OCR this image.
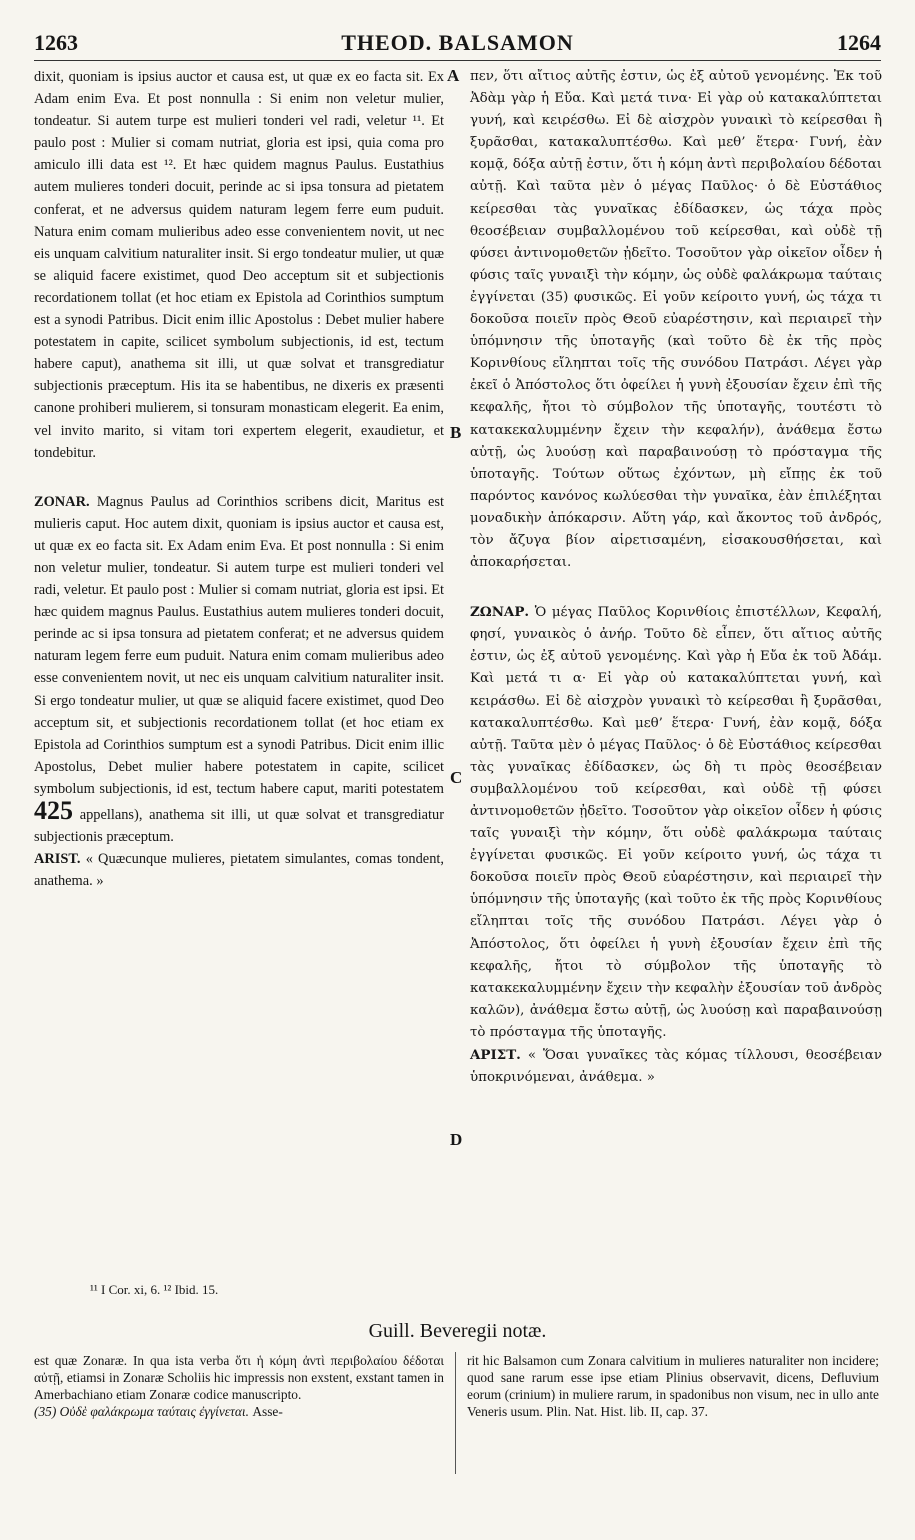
1263	THEOD. BALSAMON	1264

dixit, quoniam is ipsius auctor et causa est, ut quæ ex eo facta sit. Ex Adam enim Eva. Et post nonnulla : Si enim non veletur mulier, tondeatur. Si autem turpe est mulieri tonderi vel radi, veletur ¹¹. Et paulo post : Mulier si comam nutriat, gloria est ipsi, quia coma pro amiculo illi data est ¹². Et hæc quidem magnus Paulus. Eustathius autem mulieres tonderi docuit, perinde ac si ipsa tonsura ad pietatem conferat, et ne adversus quidem naturam legem ferre eum puduit. Natura enim comam mulieribus adeo esse convenientem novit, ut nec eis unquam calvitium naturaliter insit. Si ergo tondeatur mulier, ut quæ se aliquid facere existimet, quod Deo acceptum sit et subjectionis recordationem tollat (et hoc etiam ex Epistola ad Corinthios sumptum est a synodi Patribus. Dicit enim illic Apostolus : Debet mulier habere potestatem in capite, scilicet symbolum subjectionis, id est, tectum habere caput), anathema sit illi, ut quæ solvat et transgrediatur subjectionis præceptum. His ita se habentibus, ne dixeris ex præsenti canone prohiberi mulierem, si tonsuram monasticam elegerit. Ea enim, vel invito marito, si vitam tori expertem elegerit, exaudietur, et tondebitur.

ZONAR. Magnus Paulus ad Corinthios scribens dicit, Maritus est mulieris caput. Hoc autem dixit, quoniam is ipsius auctor et causa est, ut quæ ex eo facta sit. Ex Adam enim Eva. Et post nonnulla : Si enim non veletur mulier, tondeatur. Si autem turpe est mulieri tonderi vel radi, veletur. Et paulo post : Mulier si comam nutriat, gloria est ipsi. Et hæc quidem magnus Paulus. Eustathius autem mulieres tonderi docuit, perinde ac si ipsa tonsura ad pietatem conferat; et ne adversus quidem naturam legem ferre eum puduit. Natura enim comam mulieribus adeo esse convenientem novit, ut nec eis unquam calvitium naturaliter insit. Si ergo tondeatur mulier, ut quæ se aliquid facere existimet, quod Deo acceptum sit, et subjectionis recordationem tollat (et hoc etiam ex Epistola ad Corinthios sumptum est a synodi Patribus. Dicit enim illic Apostolus, Debet mulier habere potestatem in capite, scilicet symbolum subjectionis, id est, tectum habere caput, mariti potestatem 425 appellans), anathema sit illi, ut quæ solvat et transgrediatur subjectionis præceptum.

ARIST. « Quæcunque mulieres, pietatem simulantes, comas tondent, anathema. »

A
B
C
D

πεν, ὅτι αἴτιος αὐτῆς ἐστιν, ὡς ἐξ αὐτοῦ γενομένης. Ἐκ τοῦ Ἀδὰμ γὰρ ἡ Εὔα. Καὶ μετά τινα· Εἰ γὰρ οὐ κατακαλύπτεται γυνή, καὶ κειρέσθω. Εἰ δὲ αἰσχρὸν γυναικὶ τὸ κείρεσθαι ἢ ξυρᾶσθαι, κατακαλυπτέσθω. Καὶ μεθ’ ἕτερα· Γυνή, ἐὰν κομᾷ, δόξα αὐτῇ ἐστιν, ὅτι ἡ κόμη ἀντὶ περιβολαίου δέδοται αὐτῇ. Καὶ ταῦτα μὲν ὁ μέγας Παῦλος· ὁ δὲ Εὐστάθιος κείρεσθαι τὰς γυναῖκας ἐδίδασκεν, ὡς τάχα πρὸς θεοσέβειαν συμβαλλομένου τοῦ κείρεσθαι, καὶ οὐδὲ τῇ φύσει ἀντινομοθετῶν ᾐδεῖτο. Τοσοῦτον γὰρ οἰκεῖον οἶδεν ἡ φύσις ταῖς γυναιξὶ τὴν κόμην, ὡς οὐδὲ φαλάκρωμα ταύταις ἐγγίνεται (35) φυσικῶς. Εἰ γοῦν κείροιτο γυνή, ὡς τάχα τι δοκοῦσα ποιεῖν πρὸς Θεοῦ εὐαρέστησιν, καὶ περιαιρεῖ τὴν ὑπόμνησιν τῆς ὑποταγῆς (καὶ τοῦτο δὲ ἐκ τῆς πρὸς Κορινθίους εἴληπται τοῖς τῆς συνόδου Πατράσι. Λέγει γὰρ ἐκεῖ ὁ Ἀπόστολος ὅτι ὀφείλει ἡ γυνὴ ἐξουσίαν ἔχειν ἐπὶ τῆς κεφαλῆς, ἤτοι τὸ σύμβολον τῆς ὑποταγῆς, τουτέστι τὸ κατακεκαλυμμένην ἔχειν τὴν κεφαλήν), ἀνάθεμα ἔστω αὐτῇ, ὡς λυούσῃ καὶ παραβαινούσῃ τὸ πρόσταγμα τῆς ὑποταγῆς. Τούτων οὕτως ἐχόντων, μὴ εἴπῃς ἐκ τοῦ παρόντος κανόνος κωλύεσθαι τὴν γυναῖκα, ἐὰν ἐπιλέξηται μοναδικὴν ἀπόκαρσιν. Αὕτη γάρ, καὶ ἄκοντος τοῦ ἀνδρός, τὸν ἄζυγα βίον αἱρετισαμένη, εἰσακουσθήσεται, καὶ ἀποκαρήσεται.

ΖΩΝΑΡ. Ὁ μέγας Παῦλος Κορινθίοις ἐπιστέλλων, Κεφαλή, φησί, γυναικὸς ὁ ἀνήρ. Τοῦτο δὲ εἶπεν, ὅτι αἴτιος αὐτῆς ἐστιν, ὡς ἐξ αὐτοῦ γενομένης. Καὶ γὰρ ἡ Εὔα ἐκ τοῦ Ἀδάμ. Καὶ μετά τι α· Εἰ γὰρ οὐ κατακαλύπτεται γυνή, καὶ κειράσθω. Εἰ δὲ αἰσχρὸν γυναικὶ τὸ κείρεσθαι ἢ ξυρᾶσθαι, κατακαλυπτέσθω. Καὶ μεθ’ ἕτερα· Γυνή, ἐὰν κομᾷ, δόξα αὐτῇ. Ταῦτα μὲν ὁ μέγας Παῦλος· ὁ δὲ Εὐστάθιος κείρεσθαι τὰς γυναῖκας ἐδίδασκεν, ὡς δὴ τι πρὸς θεοσέβειαν συμβαλλομένου τοῦ κείρεσθαι, καὶ οὐδὲ τῇ φύσει ἀντινομοθετῶν ᾐδεῖτο. Τοσοῦτον γὰρ οἰκεῖον οἶδεν ἡ φύσις ταῖς γυναιξὶ τὴν κόμην, ὅτι οὐδὲ φαλάκρωμα ταύταις ἐγγίνεται φυσικῶς. Εἰ γοῦν κείροιτο γυνή, ὡς τάχα τι δοκοῦσα ποιεῖν πρὸς Θεοῦ εὐαρέστησιν, καὶ περιαιρεῖ τὴν ὑπόμνησιν τῆς ὑποταγῆς (καὶ τοῦτο ἐκ τῆς πρὸς Κορινθίους εἴληπται τοῖς τῆς συνόδου Πατράσι. Λέγει γὰρ ὁ Ἀπόστολος, ὅτι ὀφείλει ἡ γυνὴ ἐξουσίαν ἔχειν ἐπὶ τῆς κεφαλῆς, ἤτοι τὸ σύμβολον τῆς ὑποταγῆς τὸ κατακεκαλυμμένην ἔχειν τὴν κεφαλὴν ἐξουσίαν τοῦ ἀνδρὸς καλῶν), ἀνάθεμα ἔστω αὐτῇ, ὡς λυούσῃ καὶ παραβαινούσῃ τὸ πρόσταγμα τῆς ὑποταγῆς.

ΑΡΙΣΤ. « Ὅσαι γυναῖκες τὰς κόμας τίλλουσι, θεοσέβειαν ὑποκρινόμεναι, ἀνάθεμα. »

¹¹ I Cor. xi, 6. ¹² Ibid. 15.
Guill. Beveregii notæ.
est quæ Zonaræ. In qua ista verba ὅτι ἡ κόμη ἀντὶ περιβολαίου δέδοται αὐτῇ, etiamsi in Zonaræ Scholiis hic impressis non exstent, exstant tamen in Amerbachiano etiam Zonaræ codice manuscripto.
(35) Οὐδὲ φαλάκρωμα ταύταις ἐγγίνεται. Asse-
rit hic Balsamon cum Zonara calvitium in mulieres naturaliter non incidere; quod sane rarum esse ipse etiam Plinius observavit, dicens, Defluvium eorum (crinium) in muliere rarum, in spadonibus non visum, nec in ullo ante Veneris usum. Plin. Nat. Hist. lib. II, cap. 37.
